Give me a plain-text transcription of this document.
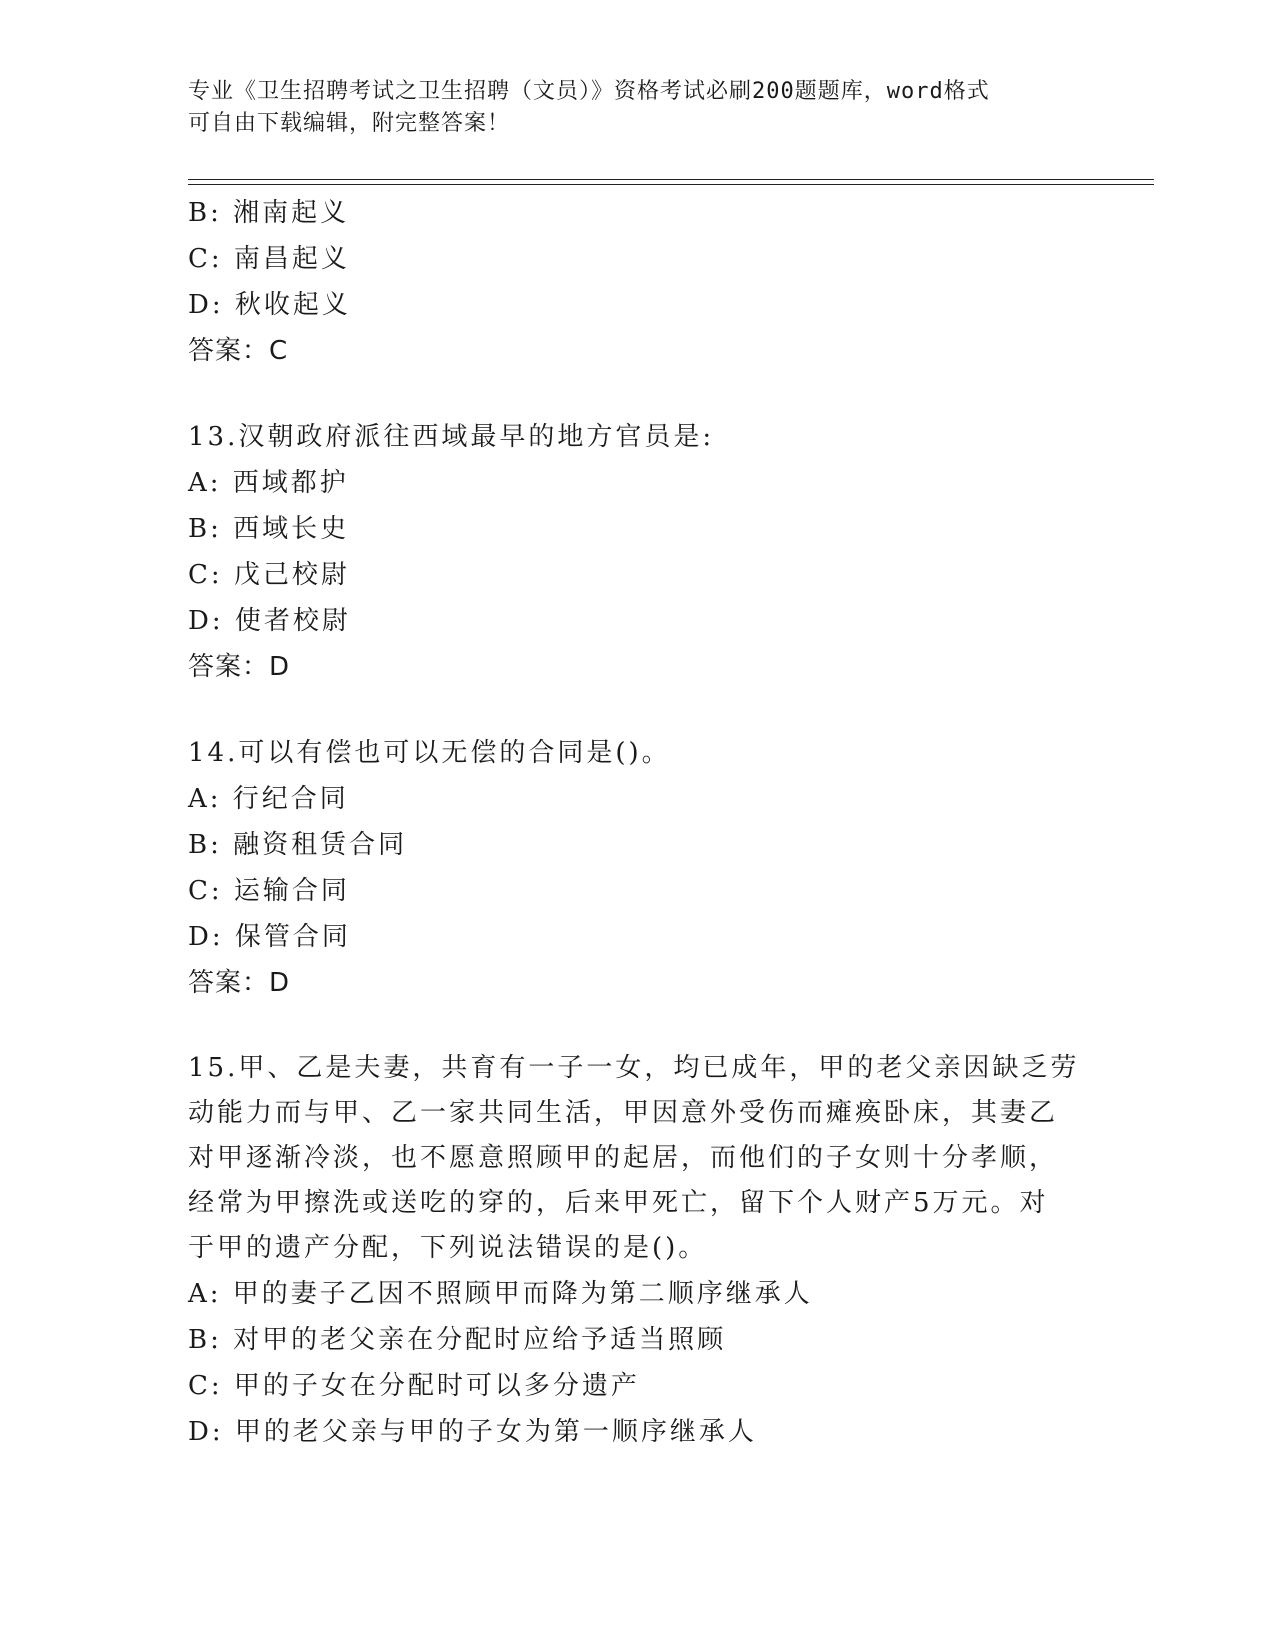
专业《卫生招聘考试之卫生招聘（文员）》资格考试必刷200题题库，word格式
可自由下载编辑，附完整答案！
B: 湘南起义
C: 南昌起义
D: 秋收起义
答案：C
13.汉朝政府派往西域最早的地方官员是:
A: 西域都护
B: 西域长史
C: 戊己校尉
D: 使者校尉
答案：D
14.可以有偿也可以无偿的合同是()。
A: 行纪合同
B: 融资租赁合同
C: 运输合同
D: 保管合同
答案：D
15.甲、乙是夫妻，共育有一子一女，均已成年，甲的老父亲因缺乏劳
动能力而与甲、乙一家共同生活，甲因意外受伤而瘫痪卧床，其妻乙
对甲逐渐冷淡，也不愿意照顾甲的起居，而他们的子女则十分孝顺，
经常为甲擦洗或送吃的穿的，后来甲死亡，留下个人财产5万元。对
于甲的遗产分配，下列说法错误的是()。
A: 甲的妻子乙因不照顾甲而降为第二顺序继承人
B: 对甲的老父亲在分配时应给予适当照顾
C: 甲的子女在分配时可以多分遗产
D: 甲的老父亲与甲的子女为第一顺序继承人
